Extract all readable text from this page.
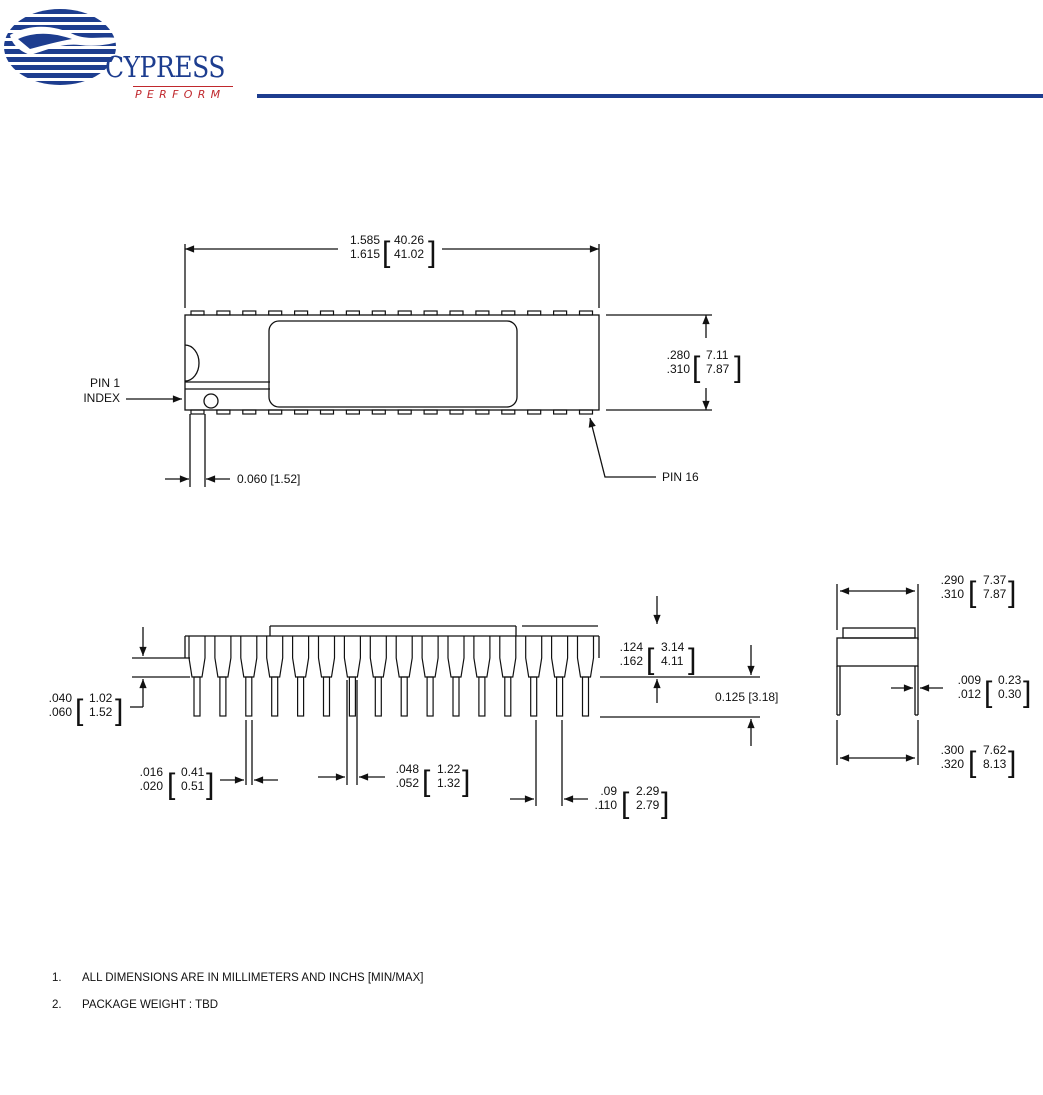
CYPRESS
PERFORM
1.585
1.615 [ 40.26
41.02 ]
.280
.310 [ 7.11
7.87 ]
PIN 1
INDEX
PIN 16
0.060 [1.52]
.040
.060 [ 1.02
1.52 ]
.016
.020 [ 0.41
0.51 ]	.048
.052 [ 1.22
1.32 ]	.09
.110 [ 2.29
2.79 ]
.124
.162 [ 3.14
4.11 ]
0.125 [3.18]
.290
.310 [ 7.37
7.87 ]
.009
.012 [ 0.23
0.30 ]
.300
.320 [ 7.62
8.13 ]
1. ALL DIMENSIONS ARE IN MILLIMETERS AND INCHS [MIN/MAX]
2. PACKAGE WEIGHT : TBD
